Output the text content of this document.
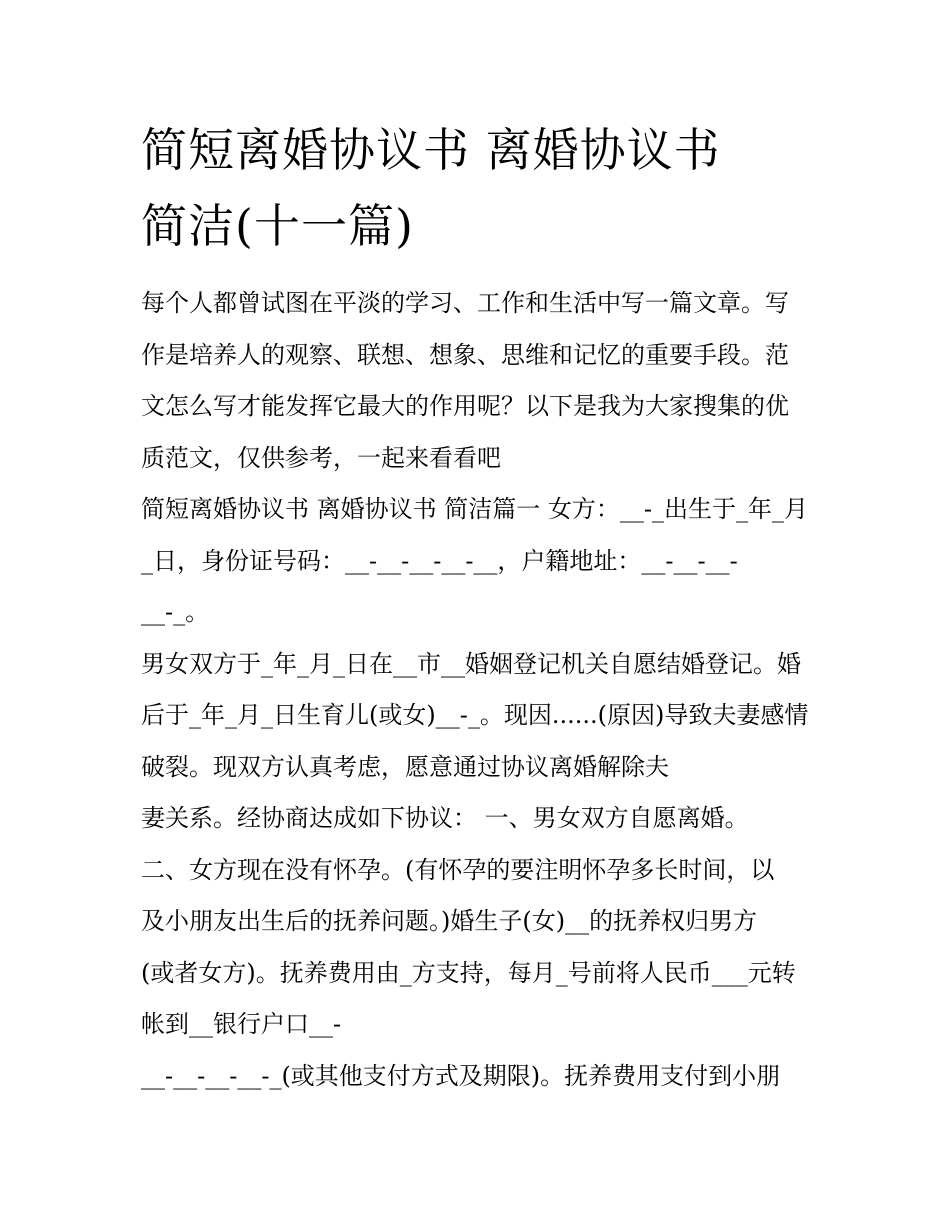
简短离婚协议书 离婚协议书
简洁(十一篇)
每个人都曾试图在平淡的学习、工作和生活中写一篇文章。写
作是培养人的观察、联想、想象、思维和记忆的重要手段。范
文怎么写才能发挥它最大的作用呢？以下是我为大家搜集的优
质范文，仅供参考，一起来看看吧
简短离婚协议书 离婚协议书 简洁篇一 女方：__-_出生于_年_月
_日，身份证号码：__-__-__-__-__，户籍地址：__-__-__-
__-_。
男女双方于_年_月_日在__市__婚姻登记机关自愿结婚登记。婚
后于_年_月_日生育儿(或女)__-_。现因......(原因)导致夫妻感情
破裂。现双方认真考虑，愿意通过协议离婚解除夫
妻关系。经协商达成如下协议： 一、男女双方自愿离婚。
二、女方现在没有怀孕。(有怀孕的要注明怀孕多长时间，以
及小朋友出生后的抚养问题。)婚生子(女)__的抚养权归男方
(或者女方)。抚养费用由_方支持，每月_号前将人民币___元转
帐到__银行户口__-
__-__-__-__-_(或其他支付方式及期限)。抚养费用支付到小朋
